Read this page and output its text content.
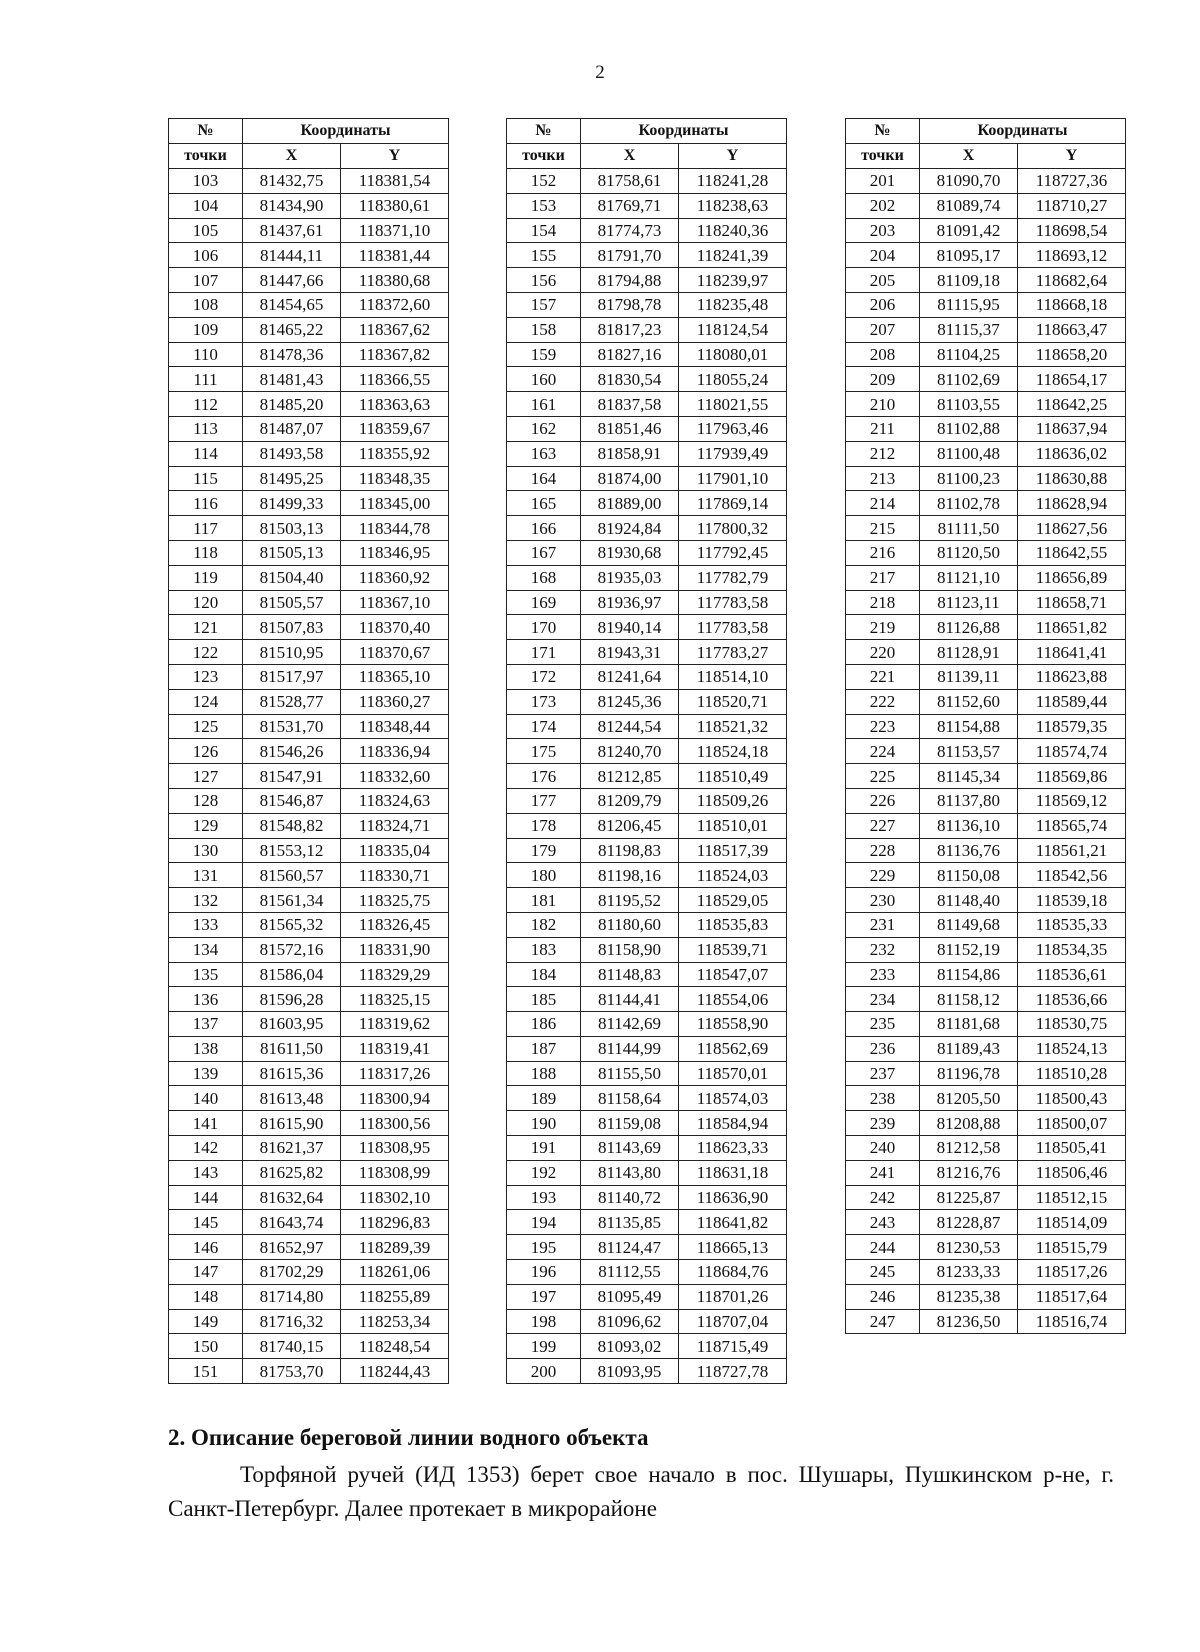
2
№	Координаты	
точки	X	Y
103	81432,75	118381,54
104	81434,90	118380,61
105	81437,61	118371,10
106	81444,11	118381,44
107	81447,66	118380,68
108	81454,65	118372,60
109	81465,22	118367,62
110	81478,36	118367,82
111	81481,43	118366,55
112	81485,20	118363,63
113	81487,07	118359,67
114	81493,58	118355,92
115	81495,25	118348,35
116	81499,33	118345,00
117	81503,13	118344,78
118	81505,13	118346,95
119	81504,40	118360,92
120	81505,57	118367,10
121	81507,83	118370,40
122	81510,95	118370,67
123	81517,97	118365,10
124	81528,77	118360,27
125	81531,70	118348,44
126	81546,26	118336,94
127	81547,91	118332,60
128	81546,87	118324,63
129	81548,82	118324,71
130	81553,12	118335,04
131	81560,57	118330,71
132	81561,34	118325,75
133	81565,32	118326,45
134	81572,16	118331,90
135	81586,04	118329,29
136	81596,28	118325,15
137	81603,95	118319,62
138	81611,50	118319,41
139	81615,36	118317,26
140	81613,48	118300,94
141	81615,90	118300,56
142	81621,37	118308,95
143	81625,82	118308,99
144	81632,64	118302,10
145	81643,74	118296,83
146	81652,97	118289,39
147	81702,29	118261,06
148	81714,80	118255,89
149	81716,32	118253,34
150	81740,15	118248,54
151	81753,70	118244,43
№	Координаты	
точки	X	Y
152	81758,61	118241,28
153	81769,71	118238,63
154	81774,73	118240,36
155	81791,70	118241,39
156	81794,88	118239,97
157	81798,78	118235,48
158	81817,23	118124,54
159	81827,16	118080,01
160	81830,54	118055,24
161	81837,58	118021,55
162	81851,46	117963,46
163	81858,91	117939,49
164	81874,00	117901,10
165	81889,00	117869,14
166	81924,84	117800,32
167	81930,68	117792,45
168	81935,03	117782,79
169	81936,97	117783,58
170	81940,14	117783,58
171	81943,31	117783,27
172	81241,64	118514,10
173	81245,36	118520,71
174	81244,54	118521,32
175	81240,70	118524,18
176	81212,85	118510,49
177	81209,79	118509,26
178	81206,45	118510,01
179	81198,83	118517,39
180	81198,16	118524,03
181	81195,52	118529,05
182	81180,60	118535,83
183	81158,90	118539,71
184	81148,83	118547,07
185	81144,41	118554,06
186	81142,69	118558,90
187	81144,99	118562,69
188	81155,50	118570,01
189	81158,64	118574,03
190	81159,08	118584,94
191	81143,69	118623,33
192	81143,80	118631,18
193	81140,72	118636,90
194	81135,85	118641,82
195	81124,47	118665,13
196	81112,55	118684,76
197	81095,49	118701,26
198	81096,62	118707,04
199	81093,02	118715,49
200	81093,95	118727,78
№	Координаты	
точки	X	Y
201	81090,70	118727,36
202	81089,74	118710,27
203	81091,42	118698,54
204	81095,17	118693,12
205	81109,18	118682,64
206	81115,95	118668,18
207	81115,37	118663,47
208	81104,25	118658,20
209	81102,69	118654,17
210	81103,55	118642,25
211	81102,88	118637,94
212	81100,48	118636,02
213	81100,23	118630,88
214	81102,78	118628,94
215	81111,50	118627,56
216	81120,50	118642,55
217	81121,10	118656,89
218	81123,11	118658,71
219	81126,88	118651,82
220	81128,91	118641,41
221	81139,11	118623,88
222	81152,60	118589,44
223	81154,88	118579,35
224	81153,57	118574,74
225	81145,34	118569,86
226	81137,80	118569,12
227	81136,10	118565,74
228	81136,76	118561,21
229	81150,08	118542,56
230	81148,40	118539,18
231	81149,68	118535,33
232	81152,19	118534,35
233	81154,86	118536,61
234	81158,12	118536,66
235	81181,68	118530,75
236	81189,43	118524,13
237	81196,78	118510,28
238	81205,50	118500,43
239	81208,88	118500,07
240	81212,58	118505,41
241	81216,76	118506,46
242	81225,87	118512,15
243	81228,87	118514,09
244	81230,53	118515,79
245	81233,33	118517,26
246	81235,38	118517,64
247	81236,50	118516,74
2. Описание береговой линии водного объекта

Торфяной ручей (ИД 1353) берет свое начало в пос. Шушары, Пушкинском р-не, г. Санкт-Петербург. Далее протекает в микрорайоне
